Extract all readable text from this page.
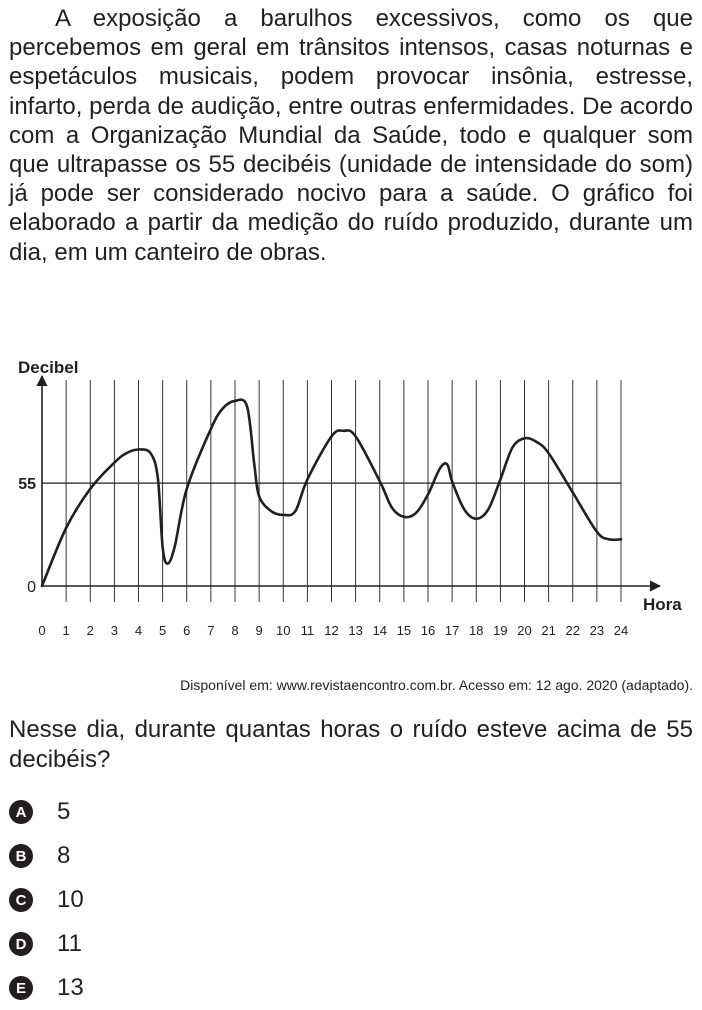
A exposição a barulhos excessivos, como os que percebemos em geral em trânsitos intensos, casas noturnas e espetáculos musicais, podem provocar insônia, estresse, infarto, perda de audição, entre outras enfermidades. De acordo com a Organização Mundial da Saúde, todo e qualquer som que ultrapasse os 55 decibéis (unidade de intensidade do som) já pode ser considerado nocivo para a saúde. O gráfico foi elaborado a partir da medição do ruído produzido, durante um dia, em um canteiro de obras.

0 1 2 3 4 5 6 7 8 9 10 11 12 13 14 15 16 17 18 19 20 21 22 23 24
0
55
Decibel
Hora

Disponível em: www.revistaencontro.com.br. Acesso em: 12 ago. 2020 (adaptado).

Nesse dia, durante quantas horas o ruído esteve acima de 55 decibéis?

A 5
B 8
C 10
D 11
E 13
